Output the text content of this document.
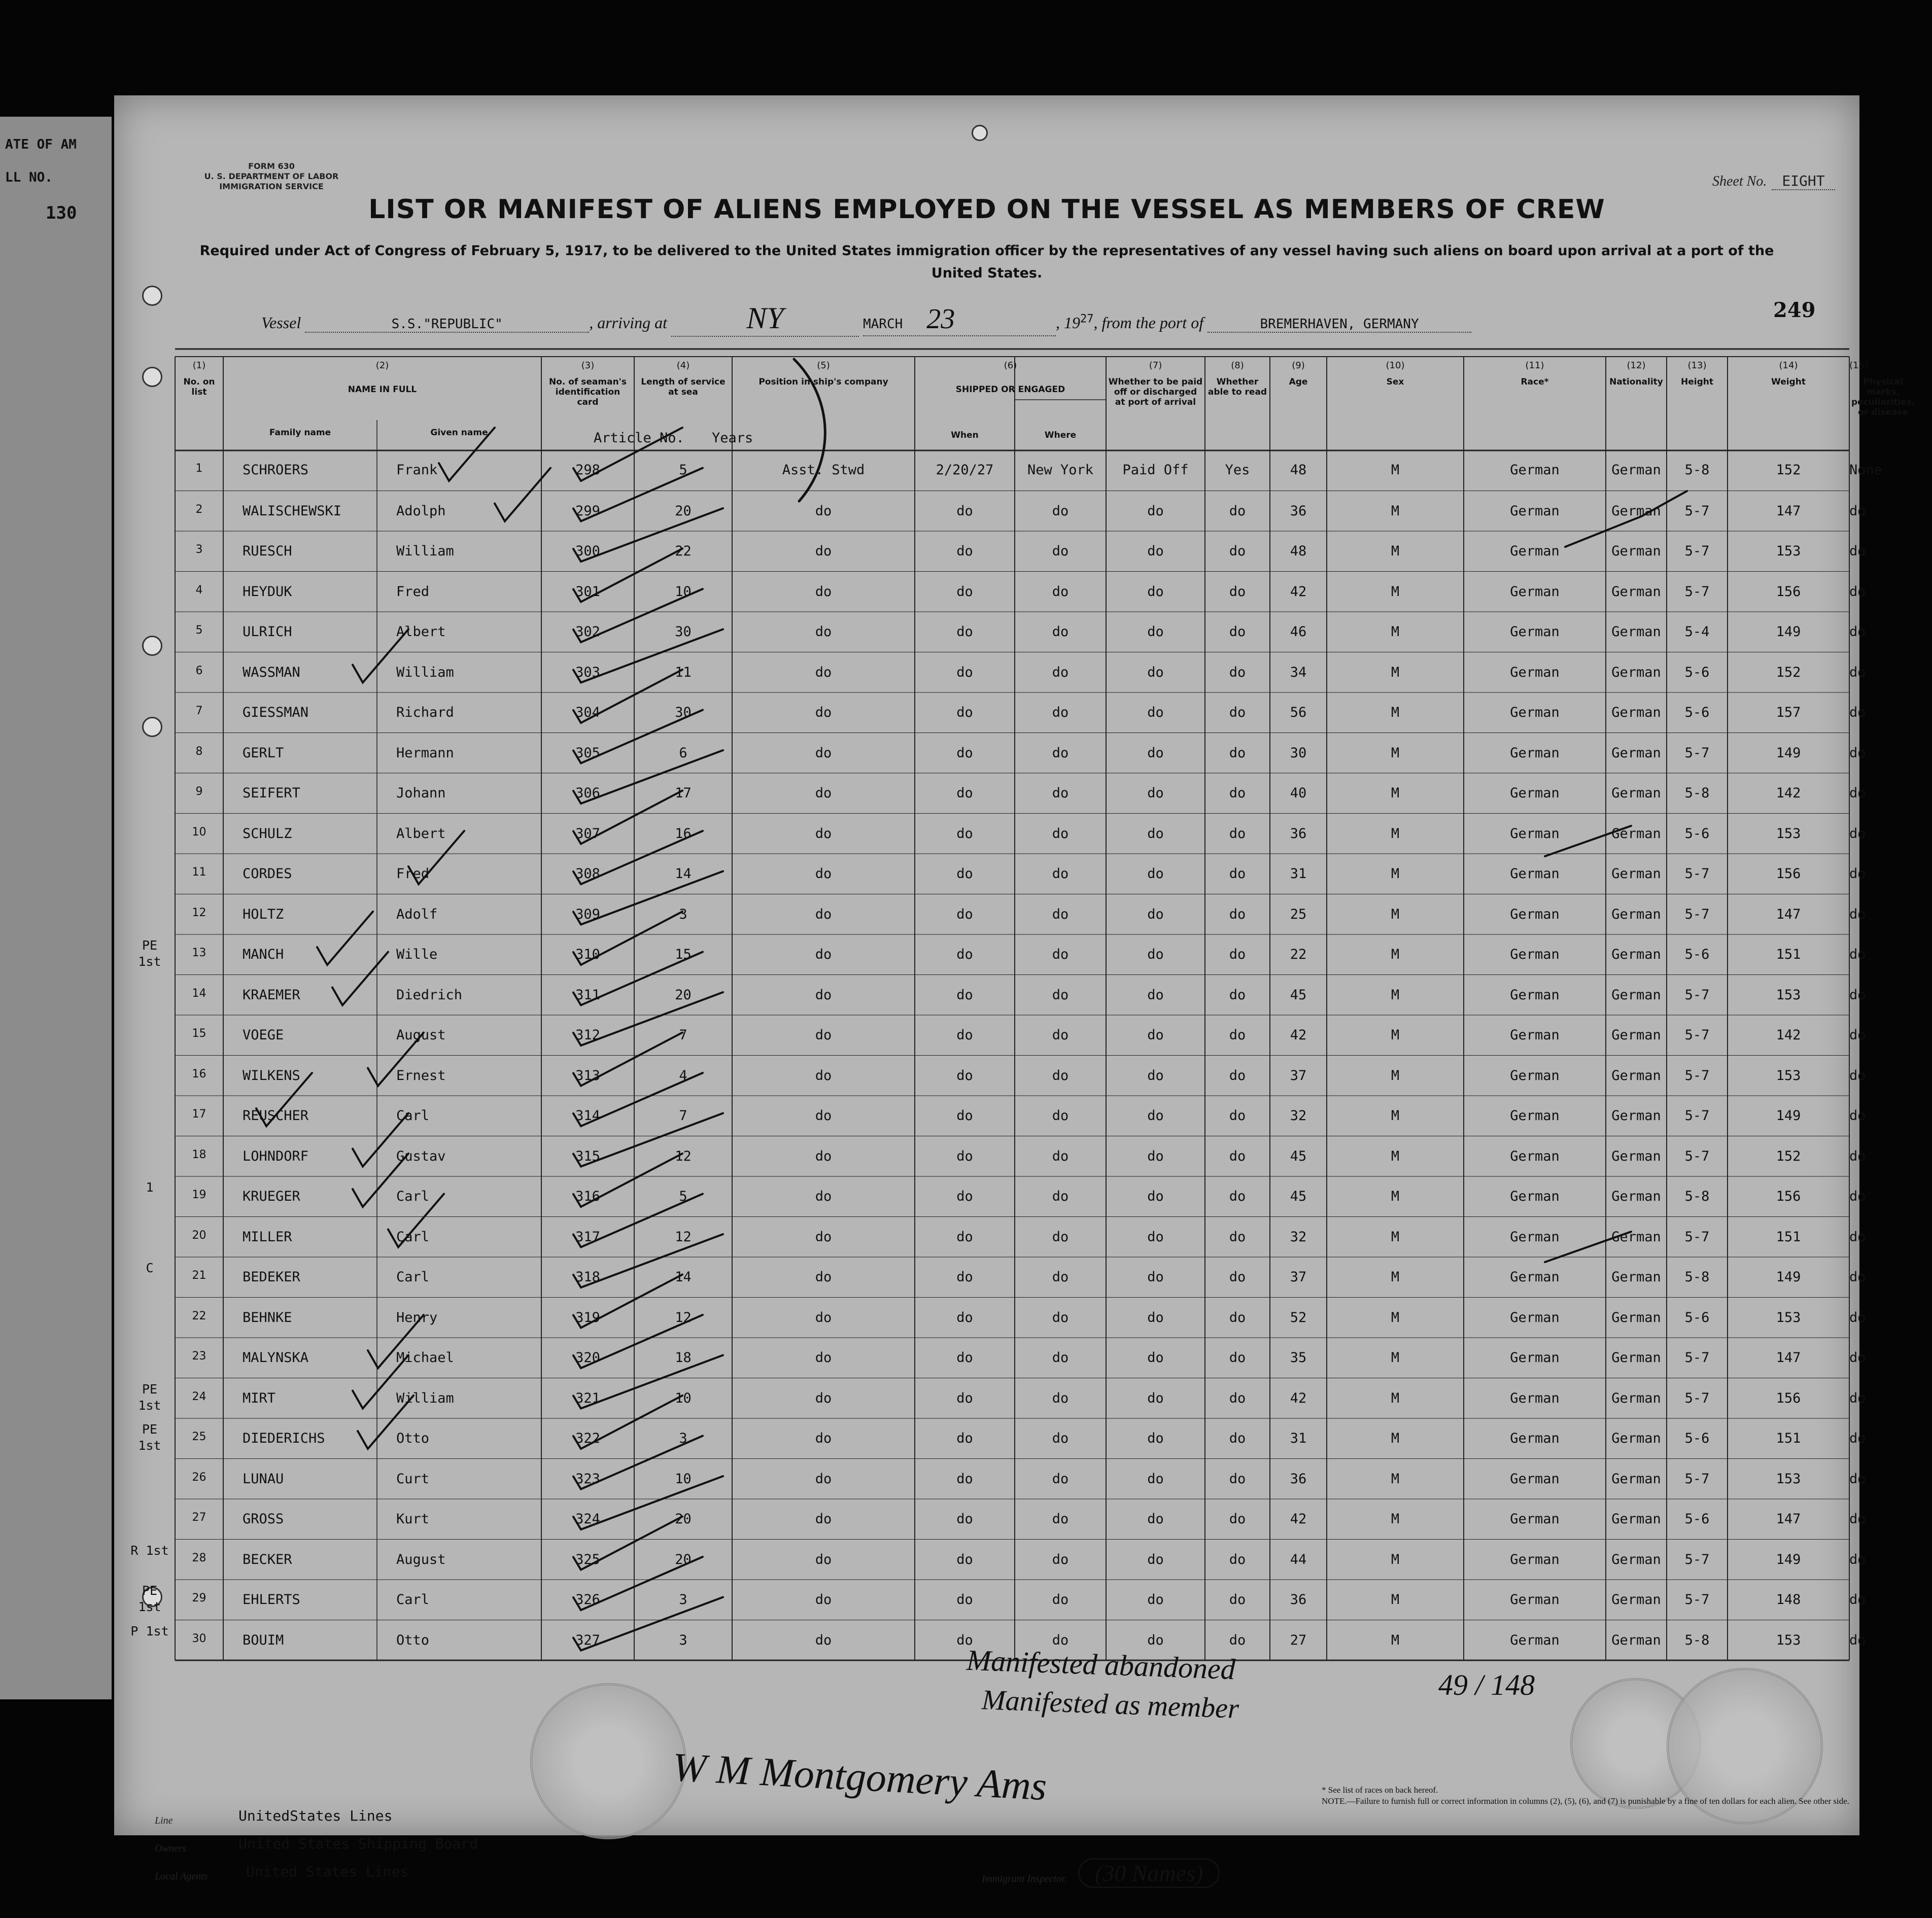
ATE OF AM
LL NO.
130
FORM 630
U. S. DEPARTMENT OF LABOR
IMMIGRATION SERVICE	Sheet No. EIGHT
LIST OR MANIFEST OF ALIENS EMPLOYED ON THE VESSEL AS MEMBERS OF CREW
Required under Act of Congress of February 5, 1917, to be delivered to the United States immigration officer by the representatives of any vessel having such aliens on board upon arrival at a port of the United States.
Vessel	S.S."REPUBLIC"	, arriving at	NY	MARCH 23	, $19^{27}$, from the port of	BREMERHAVEN, GERMANY
249
(1)
No. on list
(2)
NAME IN FULL
(3)
No. of seaman's identification card
(4)
Length of service at sea
(5)
Position in ship's company
(6)
SHIPPED OR ENGAGED
(7)
Whether to be paid off or discharged at port of arrival
(8)
Whether able to read
(9)
Age
(10)
Sex
(11)
Race*
(12)
Nationality
(13)
Height
(14)
Weight
(15)
Physical marks, peculiarities, or disease
Family name	Given name	When	Where
Article No. Years
1	SCHROERS	Frank	298	5	Asst. Stwd	2/20/27	New York	Paid Off	Yes	48	M	German	German	5-8	152	None
2	WALISCHEWSKI	Adolph	299	20	do	do	do	do	do	36	M	German	German	5-7	147	do
3	RUESCH	William	300	22	do	do	do	do	do	48	M	German	German	5-7	153	do
4	HEYDUK	Fred	301	10	do	do	do	do	do	42	M	German	German	5-7	156	do
5	ULRICH	Albert	302	30	do	do	do	do	do	46	M	German	German	5-4	149	do
6	WASSMAN	William	303	11	do	do	do	do	do	34	M	German	German	5-6	152	do
7	GIESSMAN	Richard	304	30	do	do	do	do	do	56	M	German	German	5-6	157	do
8	GERLT	Hermann	305	6	do	do	do	do	do	30	M	German	German	5-7	149	do
9	SEIFERT	Johann	306	17	do	do	do	do	do	40	M	German	German	5-8	142	do
10	SCHULZ	Albert	307	16	do	do	do	do	do	36	M	German	German	5-6	153	do
11	CORDES	Fred	308	14	do	do	do	do	do	31	M	German	German	5-7	156	do
12	HOLTZ	Adolf	309	3	do	do	do	do	do	25	M	German	German	5-7	147	do
13	MANCH	Wille	310	15	do	do	do	do	do	22	M	German	German	5-6	151	do
14	KRAEMER	Diedrich	311	20	do	do	do	do	do	45	M	German	German	5-7	153	do
15	VOEGE	August	312	7	do	do	do	do	do	42	M	German	German	5-7	142	do
16	WILKENS	Ernest	313	4	do	do	do	do	do	37	M	German	German	5-7	153	do
17	REUSCHER	Carl	314	7	do	do	do	do	do	32	M	German	German	5-7	149	do
18	LOHNDORF	Gustav	315	12	do	do	do	do	do	45	M	German	German	5-7	152	do
19	KRUEGER	Carl	316	5	do	do	do	do	do	45	M	German	German	5-8	156	do
20	MILLER	Carl	317	12	do	do	do	do	do	32	M	German	German	5-7	151	do
21	BEDEKER	Carl	318	14	do	do	do	do	do	37	M	German	German	5-8	149	do
22	BEHNKE	Henry	319	12	do	do	do	do	do	52	M	German	German	5-6	153	do
23	MALYNSKA	Michael	320	18	do	do	do	do	do	35	M	German	German	5-7	147	do
24	MIRT	William	321	10	do	do	do	do	do	42	M	German	German	5-7	156	do
25	DIEDERICHS	Otto	322	3	do	do	do	do	do	31	M	German	German	5-6	151	do
26	LUNAU	Curt	323	10	do	do	do	do	do	36	M	German	German	5-7	153	do
27	GROSS	Kurt	324	20	do	do	do	do	do	42	M	German	German	5-6	147	do
28	BECKER	August	325	20	do	do	do	do	do	44	M	German	German	5-7	149	do
29	EHLERTS	Carl	326	3	do	do	do	do	do	36	M	German	German	5-7	148	do
30	BOUIM	Otto	327	3	do	do	do	do	do	27	M	German	German	5-8	153	do
PE 1st
1
C
PE 1st
PE 1st
R 1st
PE 1st
P 1st
Line	UnitedStates Lines
Owners	United States Shipping Board
Local Agents	United States Lines	Immigrant Inspector.	(30 Names)
* See list of races on back hereof.
NOTE.—Failure to furnish full or correct information in columns (2), (5), (6), and (7) is punishable by a fine of ten dollars for each alien. See other side.
Manifested abandoned
Manifested as member	49 / 148
W M Montgomery Ams
